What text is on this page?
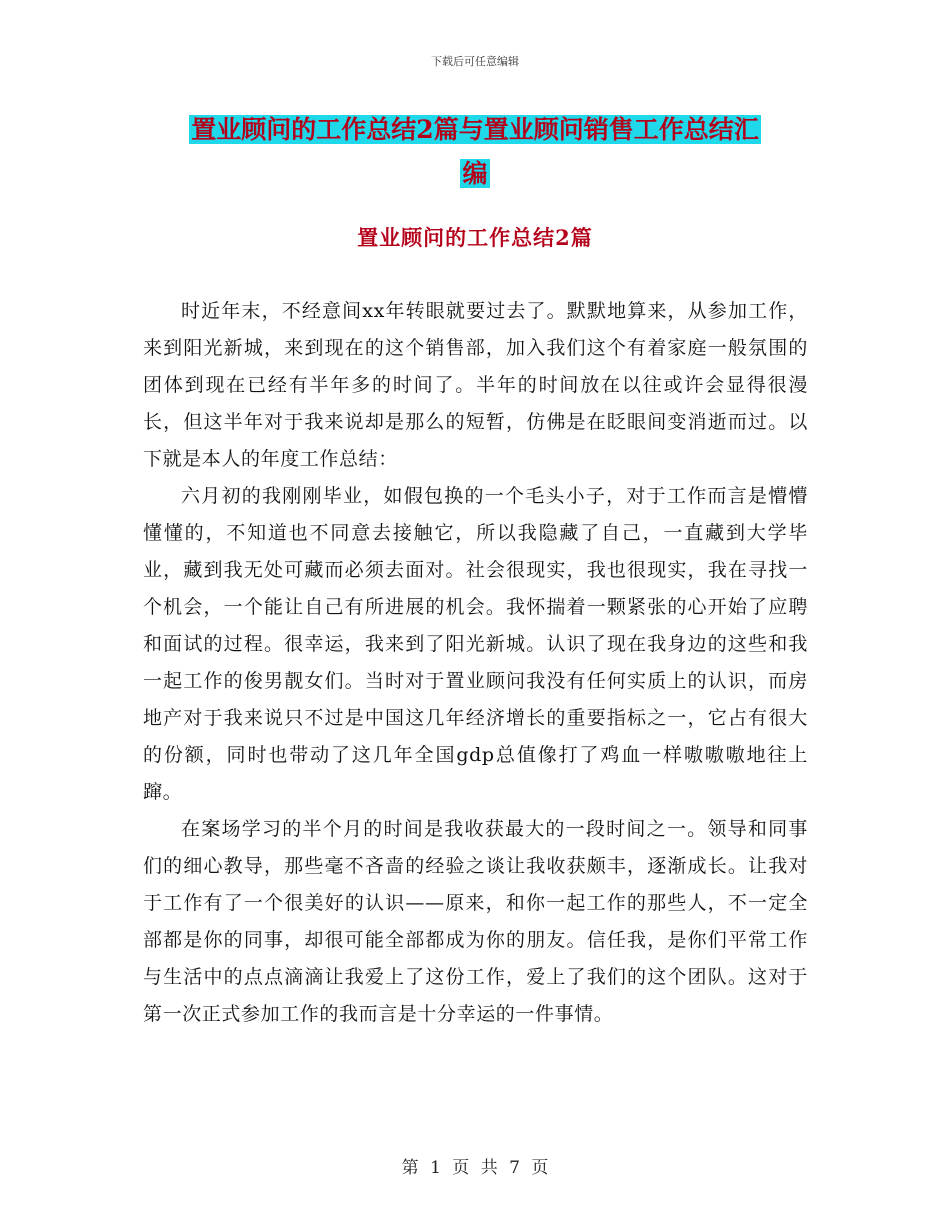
下载后可任意编辑
置业顾问的工作总结2篇与置业顾问销售工作总结汇
编
置业顾问的工作总结2篇

时近年末，不经意间xx年转眼就要过去了。默默地算来，从参加工作，来到阳光新城，来到现在的这个销售部，加入我们这个有着家庭一般氛围的团体到现在已经有半年多的时间了。半年的时间放在以往或许会显得很漫长，但这半年对于我来说却是那么的短暂，仿佛是在眨眼间变消逝而过。以下就是本人的年度工作总结：

六月初的我刚刚毕业，如假包换的一个毛头小子，对于工作而言是懵懵懂懂的，不知道也不同意去接触它，所以我隐藏了自己，一直藏到大学毕业，藏到我无处可藏而必须去面对。社会很现实，我也很现实，我在寻找一个机会，一个能让自己有所进展的机会。我怀揣着一颗紧张的心开始了应聘和面试的过程。很幸运，我来到了阳光新城。认识了现在我身边的这些和我一起工作的俊男靓女们。当时对于置业顾问我没有任何实质上的认识，而房地产对于我来说只不过是中国这几年经济增长的重要指标之一，它占有很大的份额，同时也带动了这几年全国gdp总值像打了鸡血一样嗷嗷嗷地往上蹿。

在案场学习的半个月的时间是我收获最大的一段时间之一。领导和同事们的细心教导，那些毫不吝啬的经验之谈让我收获颇丰，逐渐成长。让我对于工作有了一个很美好的认识——原来，和你一起工作的那些人，不一定全部都是你的同事，却很可能全部都成为你的朋友。信任我，是你们平常工作与生活中的点点滴滴让我爱上了这份工作，爱上了我们的这个团队。这对于第一次正式参加工作的我而言是十分幸运的一件事情。

第 1 页 共 7 页
